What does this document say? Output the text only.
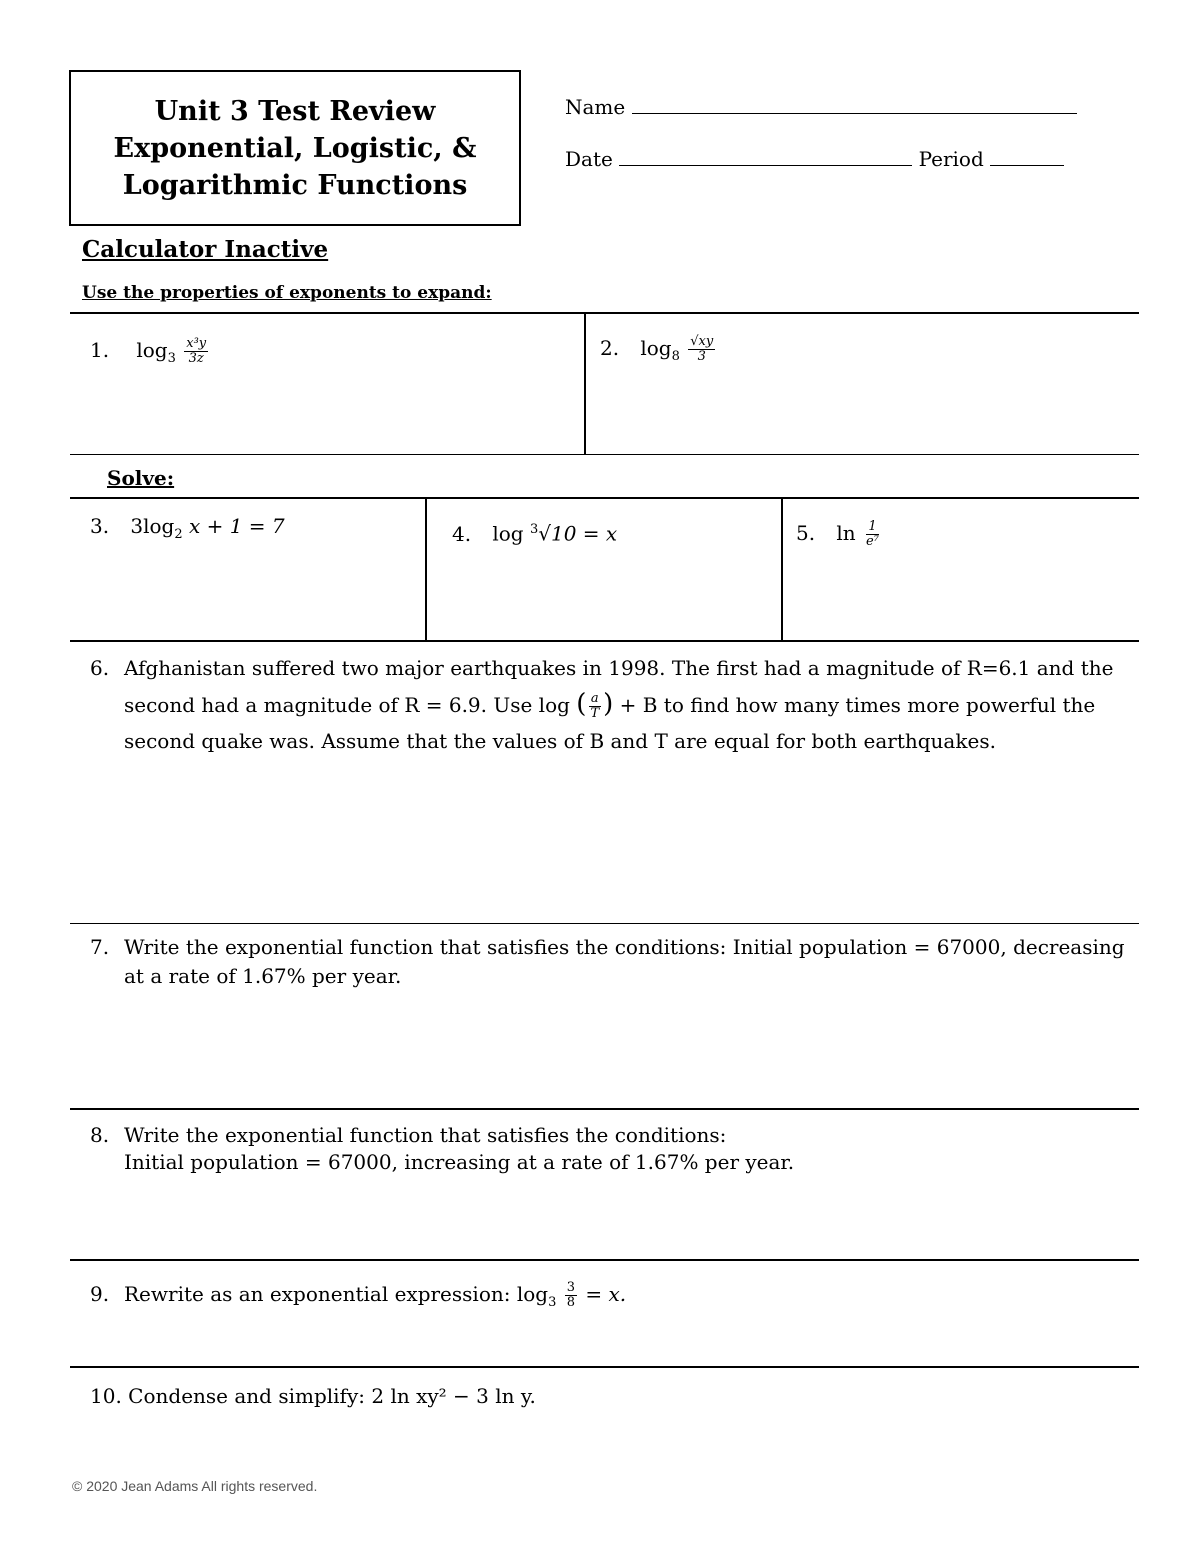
Unit 3 Test Review
Exponential, Logistic, &
Logarithmic Functions
Name
Date	Period
Calculator Inactive
Use the properties of exponents to expand:
1. $\log_3 \frac{\text{x³y}}{3z}$	2. $\log_8 \frac{√xy}{3}$
Solve:
3. $3\log_2$ x + 1 = 7	4. log $^3$√10 = x	5. $\ln \frac{1}{\text{e⁷}}$
6. Afghanistan suffered two major earthquakes in 1998. The first had a magnitude of R=6.1 and the
second had a magnitude of R = 6.9. Use log ( $\frac{a}{T}$ ) + B to find how many times more powerful the
second quake was. Assume that the values of B and T are equal for both earthquakes.
7. Write the exponential function that satisfies the conditions: Initial population = 67000, decreasing
at a rate of 1.67% per year.
8. Write the exponential function that satisfies the conditions:
Initial population = 67000, increasing at a rate of 1.67% per year.
9. Rewrite as an exponential expression: $\log_3 \frac{3}{8} = x$.
10. Condense and simplify: 2 ln xy² − 3 ln y.
© 2020 Jean Adams All rights reserved.
